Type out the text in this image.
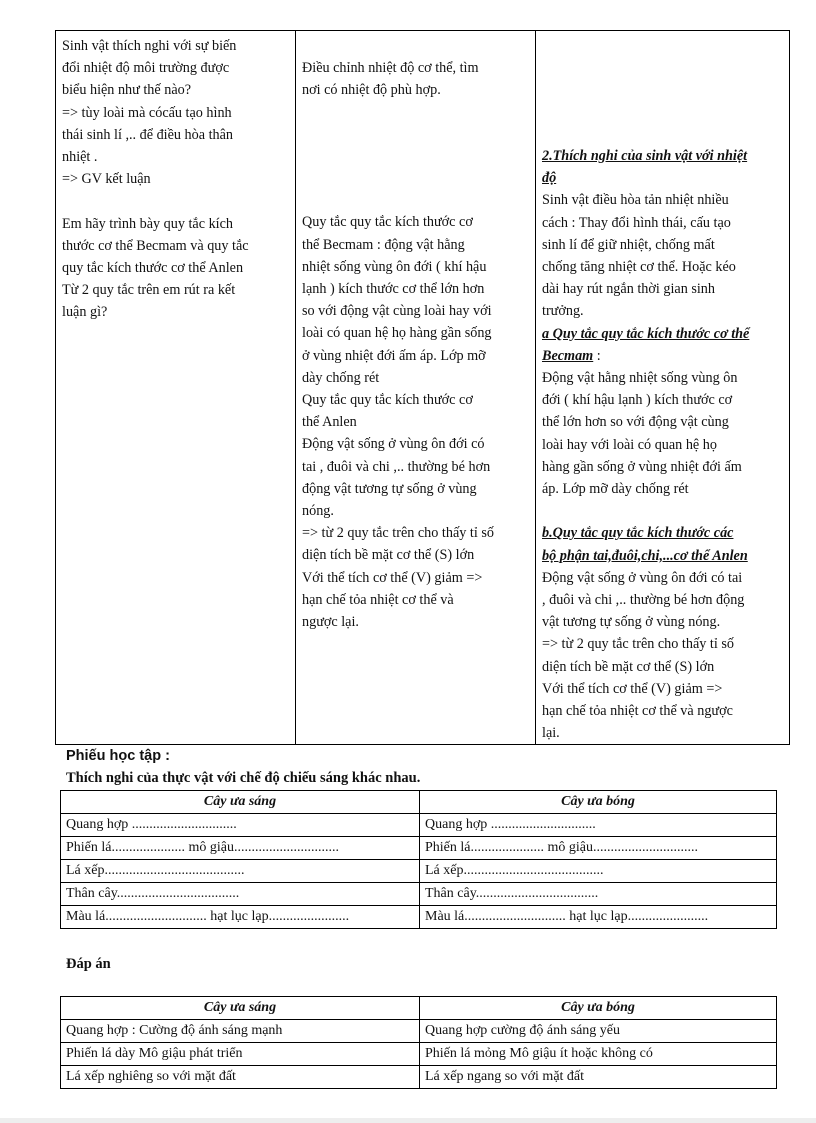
Sinh vật thích nghi với sự biến
đổi nhiệt độ môi trường được
biểu hiện như thế nào?
=> tùy loài mà cócấu tạo hình
thái sinh lí ,.. để điều hòa thân
nhiệt .
=> GV kết luận
Em hãy trình bày quy tắc kích
thước cơ thể Becmam và quy tắc
quy tắc kích thước cơ thể Anlen
Từ 2 quy tắc trên em rút ra kết
luận gì?

Điều chỉnh nhiệt độ cơ thể, tìm
nơi có nhiệt độ phù hợp.
Quy tắc quy tắc kích thước cơ
thể Becmam : động vật hằng
nhiệt sống vùng ôn đới ( khí hậu
lạnh ) kích thước cơ thể lớn hơn
so với động vật cùng loài hay với
loài có quan hệ họ hàng gần sống
ở vùng nhiệt đới ấm áp. Lớp mỡ
dày chống rét
Quy tắc quy tắc kích thước cơ
thể Anlen
Động vật sống ở vùng ôn đới có
tai , đuôi và chi ,.. thường bé hơn
động vật tương tự sống ở vùng
nóng.
=> từ 2 quy tắc trên cho thấy tỉ số
diện tích bề mặt cơ thể (S) lớn
Với thể tích cơ thể (V) giảm =>
hạn chế tỏa nhiệt cơ thể và
ngược lại.

2.Thích nghi của sinh vật với nhiệt
độ
Sinh vật điều hòa tản nhiệt nhiều
cách : Thay đổi hình thái, cấu tạo
sinh lí để giữ nhiệt, chống mất
chống tăng nhiệt cơ thể. Hoặc kéo
dài hay rút ngắn thời gian sinh
trưởng.
a Quy tắc quy tắc kích thước cơ thể
Becmam :
Động vật hằng nhiệt sống vùng ôn
đới ( khí hậu lạnh ) kích thước cơ
thể lớn hơn so với động vật cùng
loài hay với loài có quan hệ họ
hàng gần sống ở vùng nhiệt đới ấm
áp. Lớp mỡ dày chống rét
b.Quy tắc quy tắc kích thước các
bộ phận tai,đuôi,chi,...cơ thể Anlen
Động vật sống ở vùng ôn đới có tai
, đuôi và chi ,.. thường bé hơn động
vật tương tự sống ở vùng nóng.
=> từ 2 quy tắc trên cho thấy tỉ số
diện tích bề mặt cơ thể (S) lớn
Với thể tích cơ thể (V) giảm =>
hạn chế tỏa nhiệt cơ thể và ngược
lại.
Phiếu học tập :
Thích nghi của thực vật với chế độ chiếu sáng khác nhau.
Cây ưa sáng	Cây ưa bóng
Quang hợp ..............................	Quang hợp ..............................
Phiến lá..................... mô giậu..............................	Phiến lá..................... mô giậu..............................
Lá xếp........................................	Lá xếp........................................
Thân cây...................................	Thân cây...................................
Màu lá............................. hạt lục lạp.......................	Màu lá............................. hạt lục lạp.......................
Đáp án
Cây ưa sáng	Cây ưa bóng
Quang hợp : Cường độ ánh sáng mạnh	Quang hợp cường độ ánh sáng yếu
Phiến lá dày Mô giậu phát triển	Phiến lá mỏng Mô giậu ít hoặc không có
Lá xếp nghiêng so với mặt đất	Lá xếp ngang so với mặt đất
